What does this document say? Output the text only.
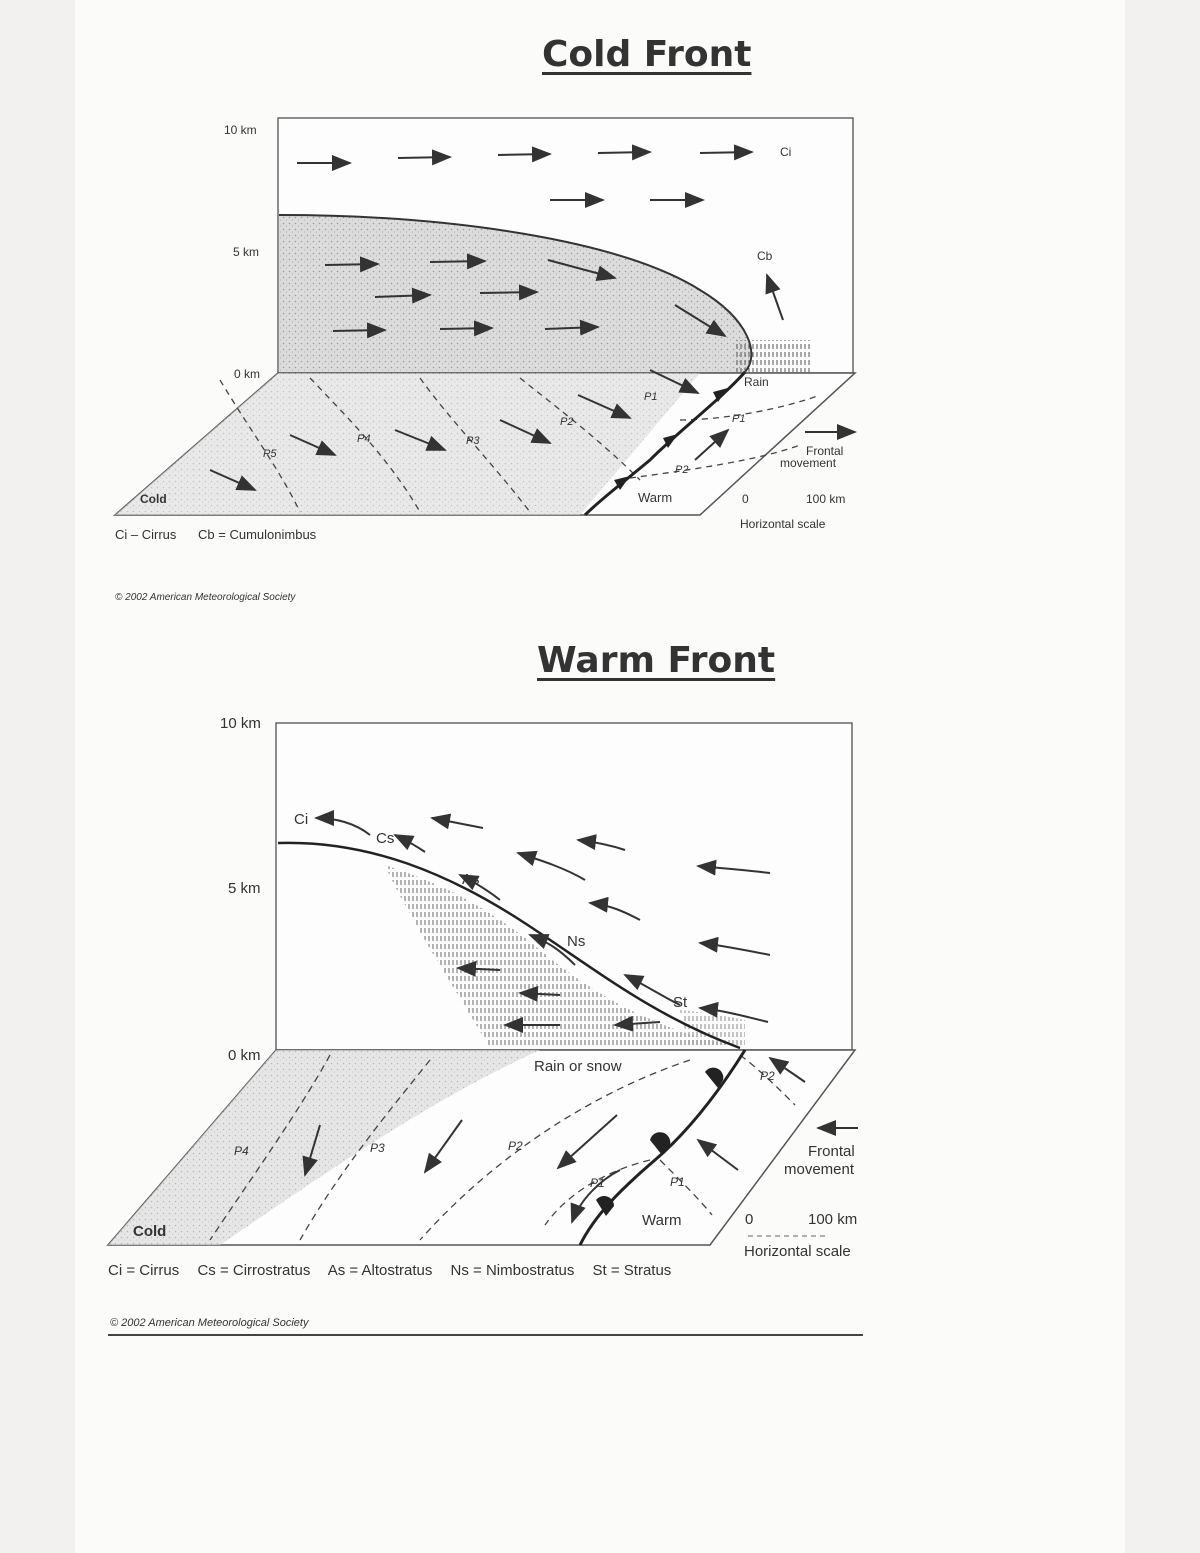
Cold Front
10 km
5 km
0 km
Ci
Cb
Rain
P1
P2
P3
P4
P5
P1
P2
Cold	Warm
Frontal
movement
0	100 km
Horizontal scale
10 km
5 km
0 km
Ci
Cs
As
Ns
St
Rain or snow
P4	P3	P2
P1	P1
P2
Cold
Warm
Frontal
movement
0	100 km
Horizontal scale
Ci – Cirrus Cb = Cumulonimbus
© 2002 American Meteorological Society
Warm Front
Ci = Cirrus Cs = Cirrostratus As = Altostratus Ns = Nimbostratus St = Stratus
© 2002 American Meteorological Society
